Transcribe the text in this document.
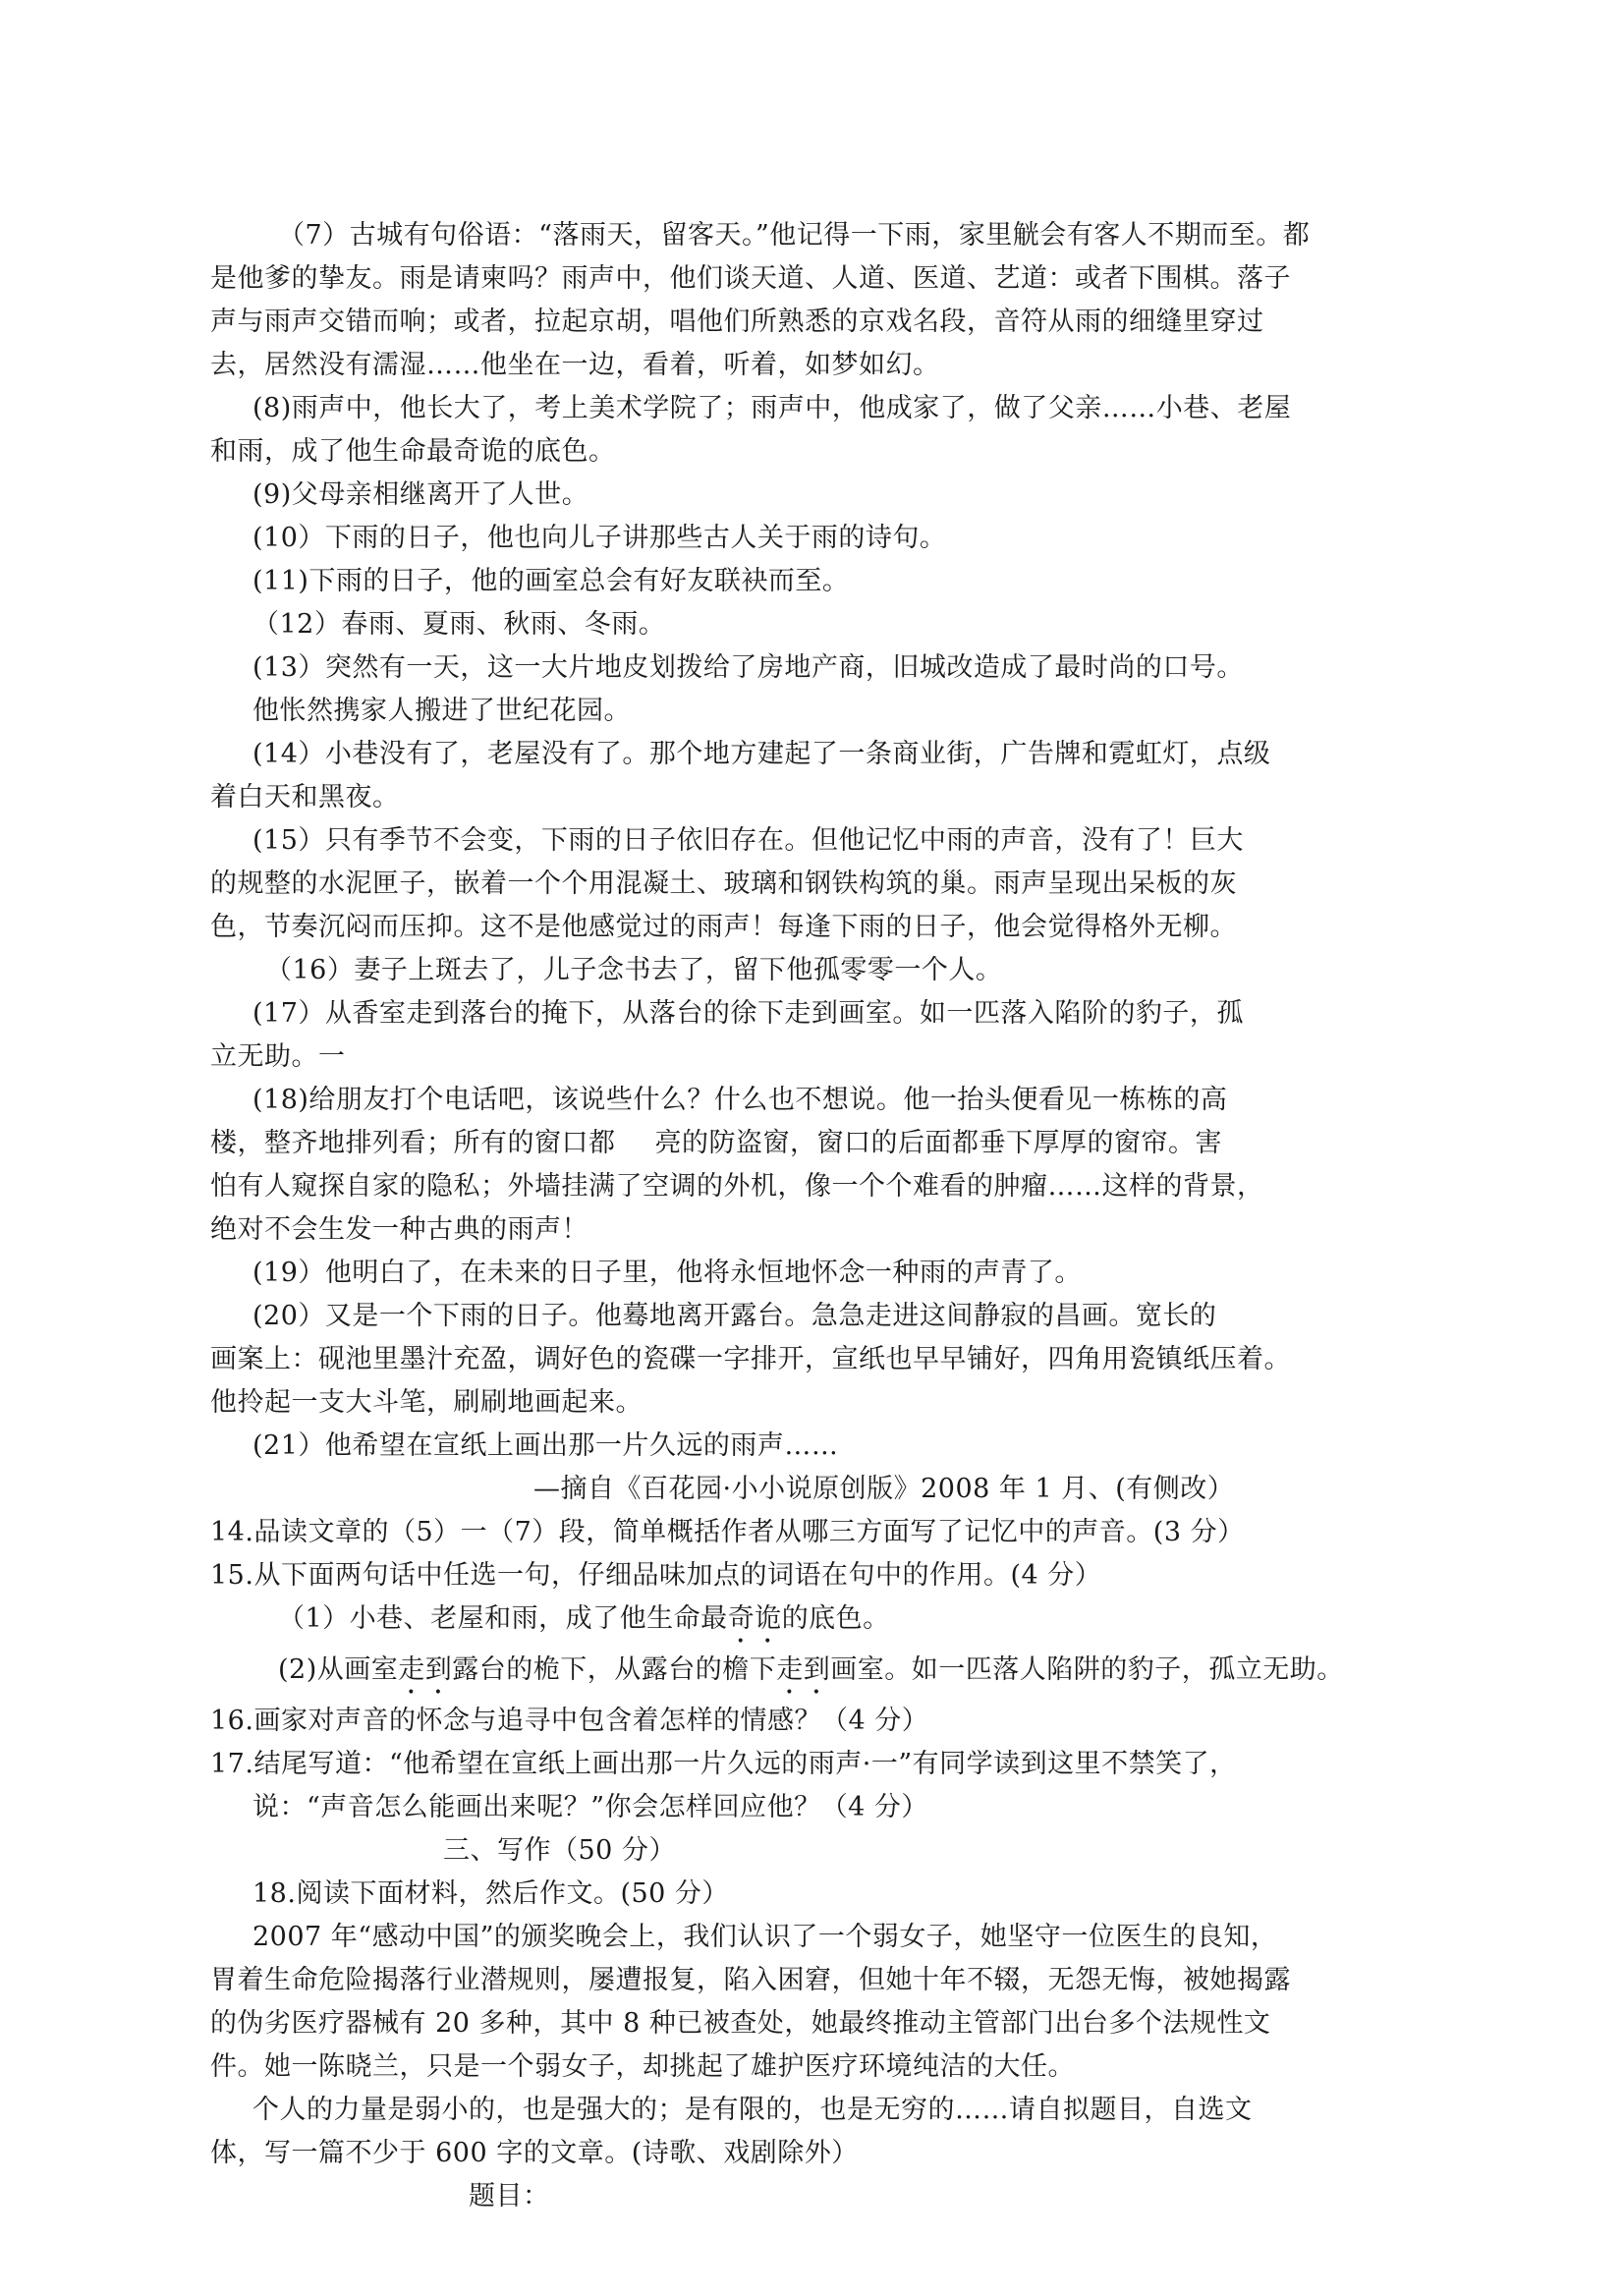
（7）古城有句俗语：“落雨天，留客天。”他记得一下雨，家里觥会有客人不期而至。都
是他爹的挚友。雨是请柬吗？雨声中，他们谈天道、人道、医道、艺道：或者下围棋。落子
声与雨声交错而响；或者，拉起京胡，唱他们所熟悉的京戏名段，音符从雨的细缝里穿过
去，居然没有濡湿……他坐在一边，看着，听着，如梦如幻。
(8)雨声中，他长大了，考上美术学院了；雨声中，他成家了，做了父亲……小巷、老屋
和雨，成了他生命最奇诡的底色。
(9)父母亲相继离开了人世。
(10）下雨的日子，他也向儿子讲那些古人关于雨的诗句。
(11)下雨的日子，他的画室总会有好友联袂而至。
（12）春雨、夏雨、秋雨、冬雨。
(13）突然有一天，这一大片地皮划拨给了房地产商，旧城改造成了最时尚的口号。
他怅然携家人搬进了世纪花园。
(14）小巷没有了，老屋没有了。那个地方建起了一条商业街，广告牌和霓虹灯，点级
着白天和黑夜。
(15）只有季节不会变，下雨的日子依旧存在。但他记忆中雨的声音，没有了！巨大
的规整的水泥匣子，嵌着一个个用混凝土、玻璃和钢铁构筑的巢。雨声呈现出呆板的灰
色，节奏沉闷而压抑。这不是他感觉过的雨声！每逢下雨的日子，他会觉得格外无柳。
（16）妻子上斑去了，儿子念书去了，留下他孤零零一个人。
(17）从香室走到落台的掩下，从落台的徐下走到画室。如一匹落入陷阶的豹子，孤
立无助。一
(18)给朋友打个电话吧，该说些什么？什么也不想说。他一抬头便看见一栋栋的高
楼，整齐地排列看；所有的窗口都 亮的防盗窗，窗口的后面都垂下厚厚的窗帘。害
怕有人窥探自家的隐私；外墙挂满了空调的外机，像一个个难看的肿瘤……这样的背景，
绝对不会生发一种古典的雨声！
(19）他明白了，在未来的日子里，他将永恒地怀念一种雨的声青了。
(20）又是一个下雨的日子。他蓦地离开露台。急急走进这间静寂的昌画。宽长的
画案上：砚池里墨汁充盈，调好色的瓷碟一字排开，宣纸也早早铺好，四角用瓷镇纸压着。
他拎起一支大斗笔，刷刷地画起来。
(21）他希望在宣纸上画出那一片久远的雨声……
—摘自《百花园·小小说原创版》2008 年 1 月、(有侧改）
14.品读文章的（5）一（7）段，简单概括作者从哪三方面写了记忆中的声音。(3 分）
15.从下面两句话中任选一句，仔细品味加点的词语在句中的作用。(4 分）
（1）小巷、老屋和雨，成了他生命最奇诡的底色。
(2)从画室走到露台的桅下，从露台的檐下走到画室。如一匹落人陷阱的豹子，孤立无助。
16.画家对声音的怀念与追寻中包含着怎样的情感？（4 分）
17.结尾写道：“他希望在宣纸上画出那一片久远的雨声·一”有同学读到这里不禁笑了，
说：“声音怎么能画出来呢？”你会怎样回应他？（4 分）
三、写作（50 分）
18.阅读下面材料，然后作文。(50 分）
2007 年“感动中国”的颁奖晚会上，我们认识了一个弱女子，她坚守一位医生的良知，
胃着生命危险揭落行业潜规则，屡遭报复，陷入困窘，但她十年不辍，无怨无悔，被她揭露
的伪劣医疗器械有 20 多种，其中 8 种已被查处，她最终推动主管部门出台多个法规性文
件。她一陈晓兰，只是一个弱女子，却挑起了雄护医疗环境纯洁的大任。
个人的力量是弱小的，也是强大的；是有限的，也是无穷的……请自拟题目，自选文
体，写一篇不少于 600 字的文章。(诗歌、戏剧除外）
题目：
